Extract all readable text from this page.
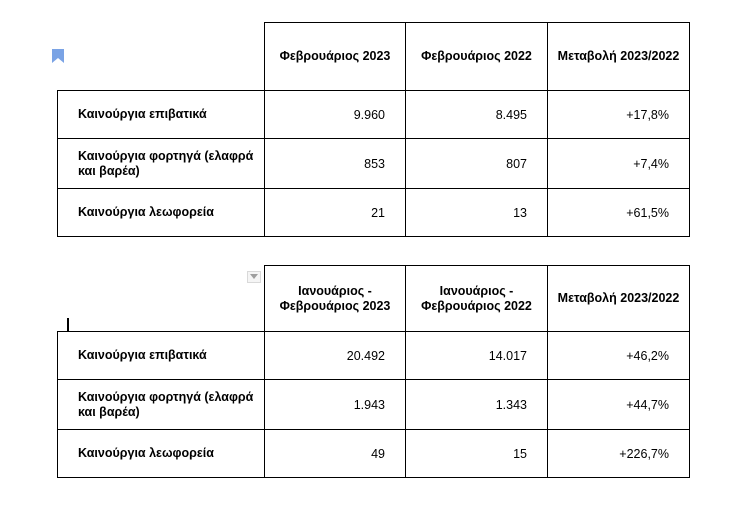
	Φεβρουάριος 2023	Φεβρουάριος 2022	Μεταβολή 2023/2022
Καινούργια επιβατικά	9.960	8.495	+17,8%
Καινούργια φορτηγά (ελαφρά και βαρέα)	853	807	+7,4%
Καινούργια λεωφορεία	21	13	+61,5%
	Ιανουάριος - Φεβρουάριος 2023	Ιανουάριος - Φεβρουάριος 2022	Μεταβολή 2023/2022
Καινούργια επιβατικά	20.492	14.017	+46,2%
Καινούργια φορτηγά (ελαφρά και βαρέα)	1.943	1.343	+44,7%
Καινούργια λεωφορεία	49	15	+226,7%
